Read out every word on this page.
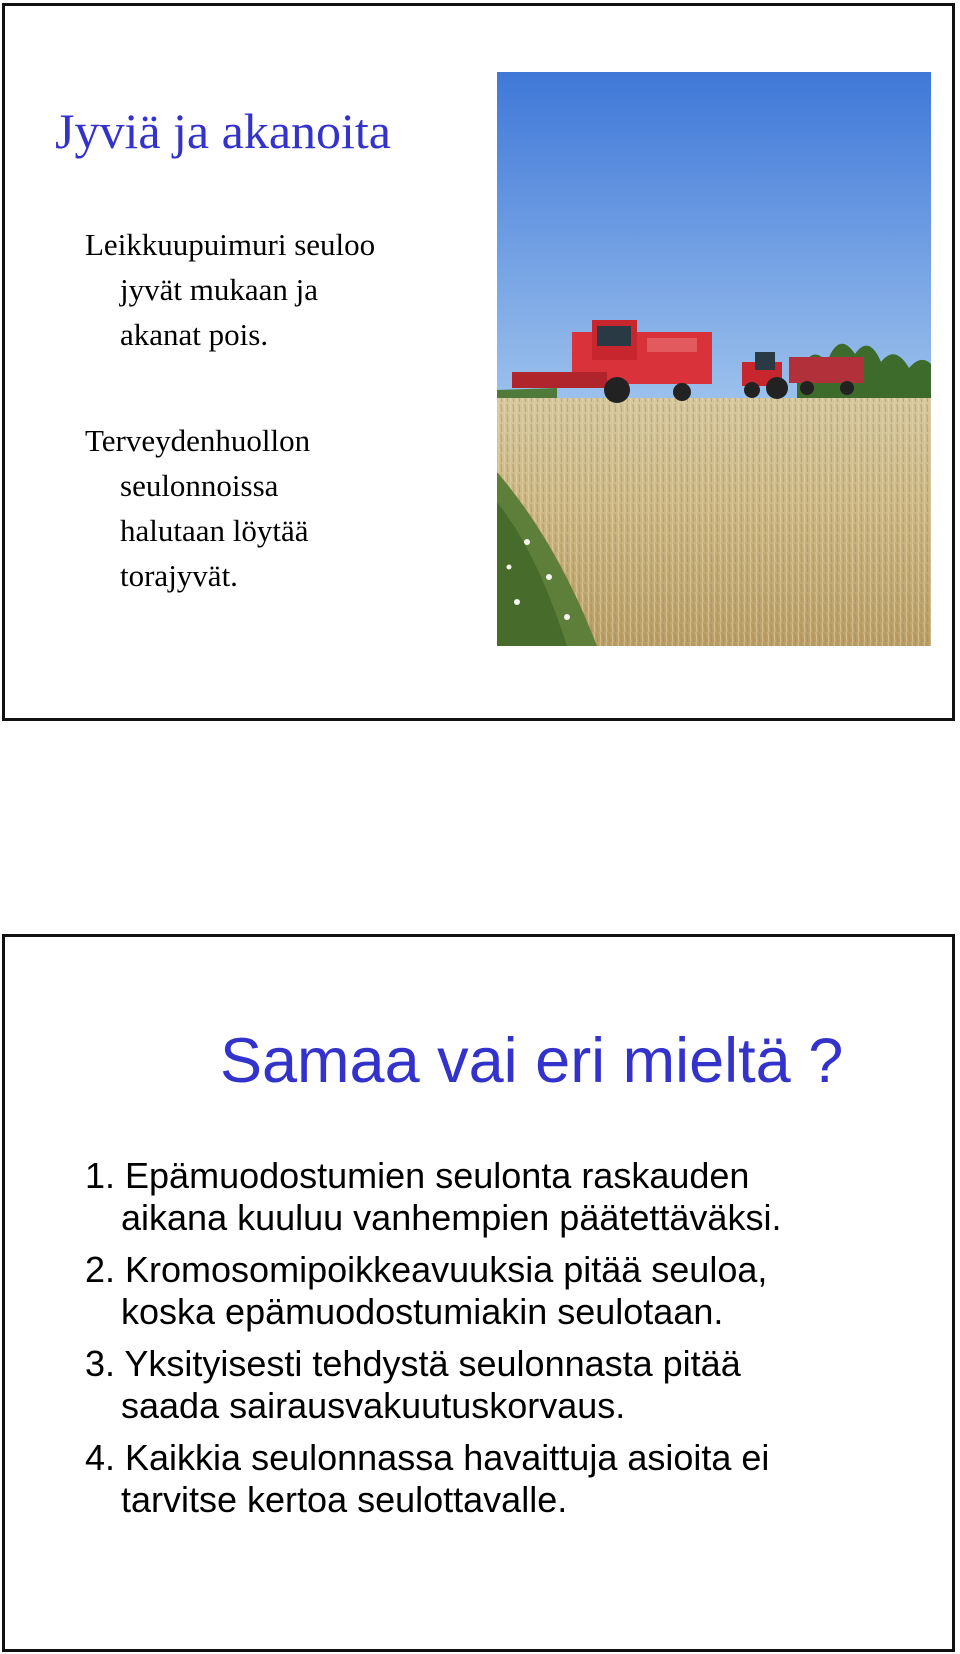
Jyviä ja akanoita
Leikkuupuimuri seuloo
jyvät mukaan ja
akanat pois.
Terveydenhuollon
seulonnoissa
halutaan löytää
torajyvät.
Samaa vai eri mieltä ?
1. Epämuodostumien seulonta raskauden
aikana kuuluu vanhempien päätettäväksi.
2. Kromosomipoikkeavuuksia pitää seuloa,
koska epämuodostumiakin seulotaan.
3. Yksityisesti tehdystä seulonnasta pitää
saada sairausvakuutuskorvaus.
4. Kaikkia seulonnassa havaittuja asioita ei
tarvitse kertoa seulottavalle.
